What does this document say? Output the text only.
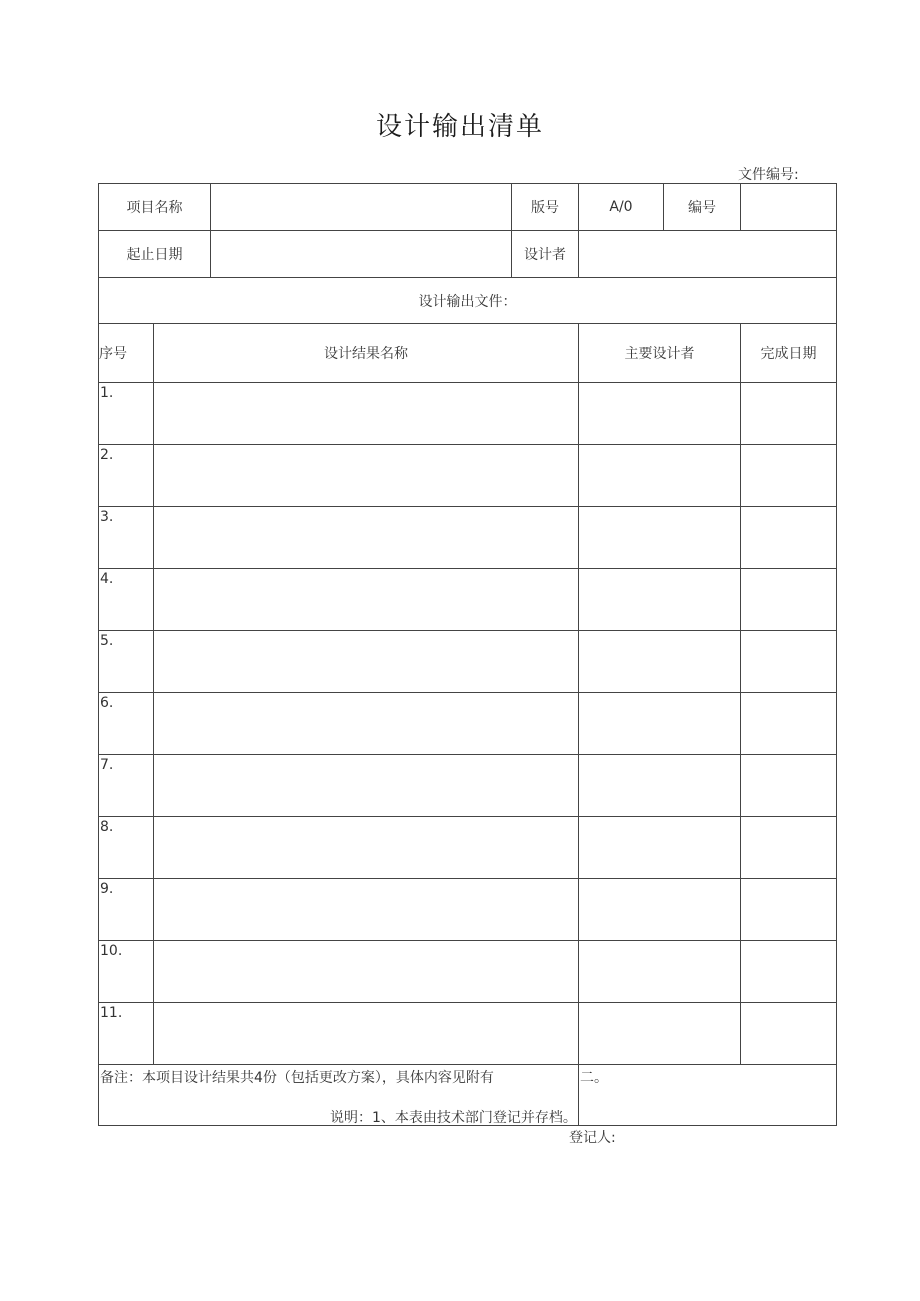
设计输出清单
文件编号:
项目名称			版号	A/0	编号	
起止日期			设计者			
设计输出文件：						
序号	设计结果名称			主要设计者		完成日期
1.						
2.						
3.						
4.						
5.						
6.						
7.						
8.						
9.						
10.						
11.						
备注：本项目设计结果共4份（包括更改方案），具体内容见附有				二。		
说明：1、本表由技术部门登记并存档。
登记人:
